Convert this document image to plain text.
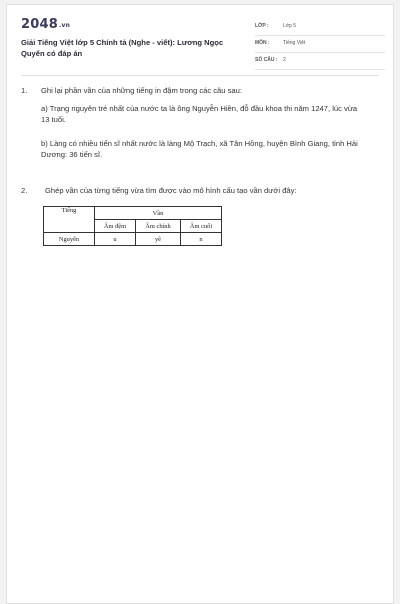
2048.vn
Giải Tiếng Việt lớp 5 Chính tả (Nghe - viết): Lương Ngọc Quyến có đáp án
LỚP :	Lớp 5
MÔN :	Tiếng Việt
SỐ CÂU : 2
1. Ghi lại phần vần của những tiếng in đậm trong các câu sau:
a) Trạng nguyên trẻ nhất của nước ta là ông Nguyễn Hiền, đỗ đầu khoa thi năm 1247, lúc vừa 13 tuổi.
b) Làng có nhiều tiến sĩ nhất nước là làng Mộ Trạch, xã Tân Hồng, huyện Bình Giang, tỉnh Hải Dương: 36 tiến sĩ.
2. Ghép vần của từng tiếng vừa tìm được vào mô hình cấu tạo vần dưới đây:
Tiếng	Vần		
	Âm đệm	Âm chính	Âm cuối
Nguyễn	u	yê	n
